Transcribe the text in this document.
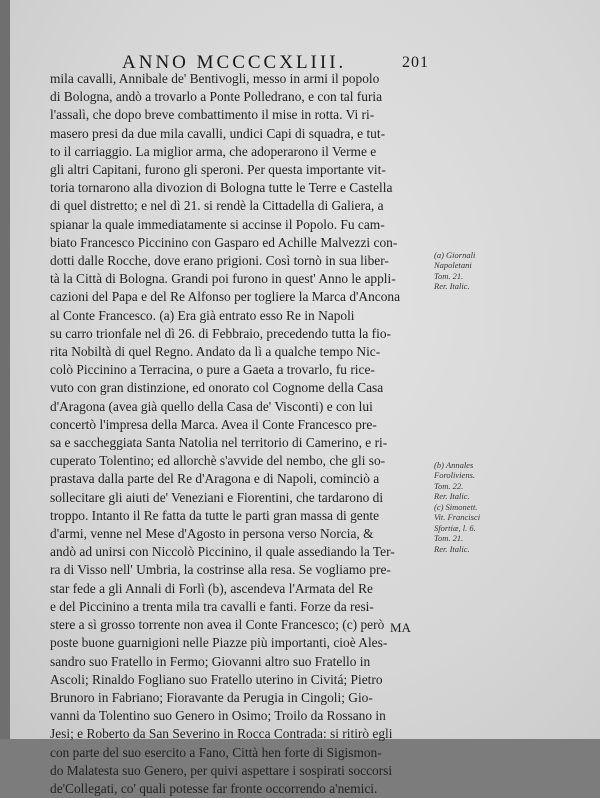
ANNO MCCCCXLIII.	201
mila cavalli, Annibale de' Bentivogli, messo in armi il popolo
di Bologna, andò a trovarlo a Ponte Polledrano, e con tal furia
l'assalì, che dopo breve combattimento il mise in rotta. Vi ri-
masero presi da due mila cavalli, undici Capi di squadra, e tut-
to il carriaggio. La miglior arma, che adoperarono il Verme e
gli altri Capitani, furono gli speroni. Per questa importante vit-
toria tornarono alla divozion di Bologna tutte le Terre e Castella
di quel distretto; e nel dì 21. si rendè la Cittadella di Galiera, a
spianar la quale immediatamente si accinse il Popolo. Fu cam-
biato Francesco Piccinino con Gasparo ed Achille Malvezzi con-
dotti dalle Rocche, dove erano prigioni. Così tornò in sua liber-
tà la Città di Bologna. Grandi poi furono in quest' Anno le appli-
cazioni del Papa e del Re Alfonso per togliere la Marca d'Ancona
al Conte Francesco. (a) Era già entrato esso Re in Napoli
su carro trionfale nel dì 26. di Febbraio, precedendo tutta la fio-
rita Nobiltà di quel Regno. Andato da lì a qualche tempo Nic-
colò Piccinino a Terracina, o pure a Gaeta a trovarlo, fu rice-
vuto con gran distinzione, ed onorato col Cognome della Casa
d'Aragona (avea già quello della Casa de' Visconti) e con lui
concertò l'impresa della Marca. Avea il Conte Francesco pre-
sa e saccheggiata Santa Natolia nel territorio di Camerino, e ri-
cuperato Tolentino; ed allorchè s'avvide del nembo, che gli so-
prastava dalla parte del Re d'Aragona e di Napoli, cominciò a
sollecitare gli aiuti de' Veneziani e Fiorentini, che tardarono di
troppo. Intanto il Re fatta da tutte le parti gran massa di gente
d'armi, venne nel Mese d'Agosto in persona verso Norcia, &
andò ad unirsi con Niccolò Piccinino, il quale assediando la Ter-
ra di Visso nell' Umbria, la costrinse alla resa. Se vogliamo pre-
star fede a gli Annali di Forlì (b), ascendeva l'Armata del Re
e del Piccinino a trenta mila tra cavalli e fanti. Forze da resi-
stere a sì grosso torrente non avea il Conte Francesco; (c) però
poste buone guarnigioni nelle Piazze più importanti, cioè Ales-
sandro suo Fratello in Fermo; Giovanni altro suo Fratello in
Ascoli; Rinaldo Fogliano suo Fratello uterino in Civitá; Pietro
Brunoro in Fabriano; Fioravante da Perugia in Cingoli; Gio-
vanni da Tolentino suo Genero in Osimo; Troilo da Rossano in
Jesi; e Roberto da San Severino in Rocca Contrada: si ritirò egli
con parte del suo esercito a Fano, Città hen forte di Sigismon-
do Malatesta suo Genero, per quivi aspettare i sospirati soccorsi
de'Collegati, co' quali potesse far fronte occorrendo a'nemici.
MA
(a) Giornali
Napoletani
Tom. 21.
Rer. Italic.
(b) Annales
Foroliviens.
Tom. 22.
Rer. Italic.
(c) Simonett.
Vit. Francisci
Sfortiæ, l. 6.
Tom. 21.
Rer. Italic.
